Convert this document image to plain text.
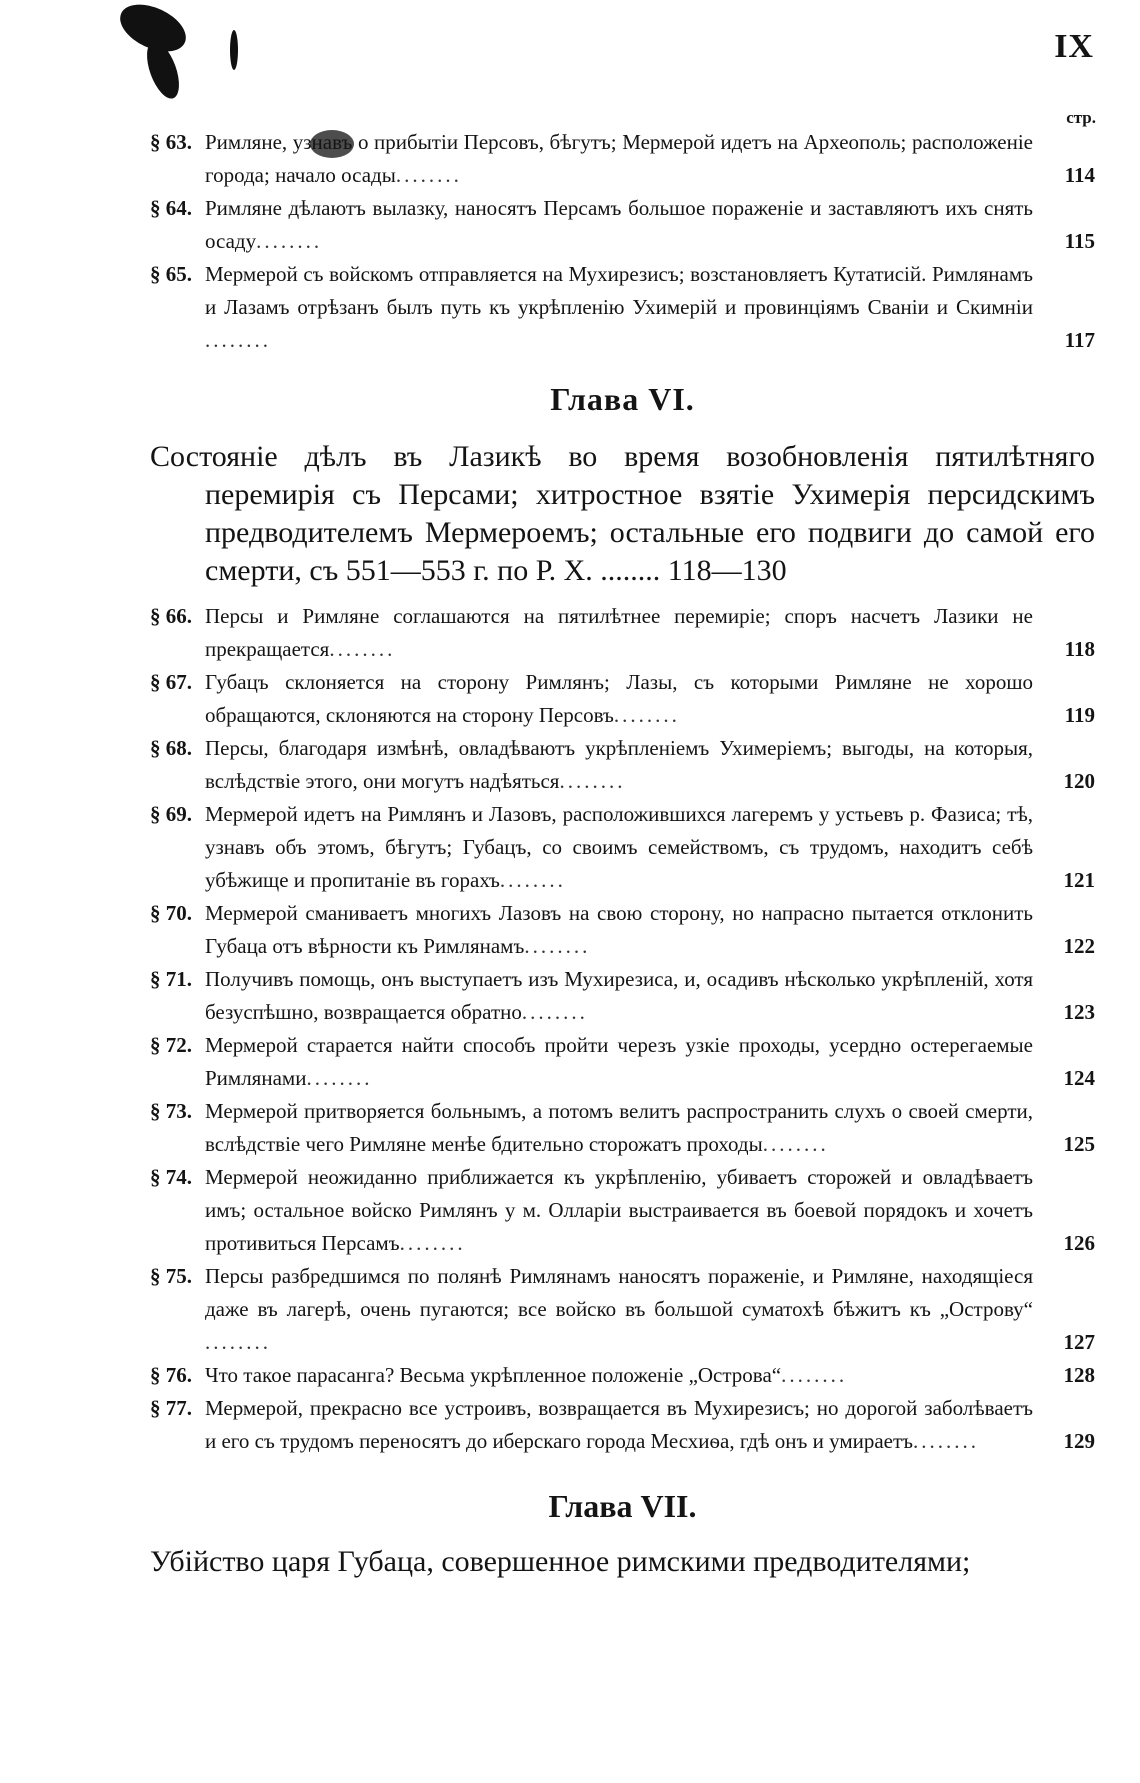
IX
стр.
§ 63. Римляне, узнавъ о прибытіи Персовъ, бѣгутъ; Мермерой идетъ на Археополь; расположеніе города; начало осады........	114
§ 64. Римляне дѣлаютъ вылазку, наносятъ Персамъ большое пораженіе и заставляютъ ихъ снять осаду........	115
§ 65. Мермерой съ войскомъ отправляется на Мухирезисъ; возстановляетъ Кутатисій. Римлянамъ и Лазамъ отрѣзанъ былъ путь къ укрѣпленію Ухимерій и провинціямъ Сваніи и Скимніи........	117
Глава VI.
Состояніе дѣлъ въ Лазикѣ во время возобновленія пятилѣтняго перемирія съ Персами; хитростное взятіе Ухимерія персидскимъ предводителемъ Мермероемъ; остальные его подвиги до самой его смерти, съ 551—553 г. по Р. Х. ........ 118—130
§ 66. Персы и Римляне соглашаются на пятилѣтнее перемиріе; споръ насчетъ Лазики не прекращается........	118
§ 67. Губацъ склоняется на сторону Римлянъ; Лазы, съ которыми Римляне не хорошо обращаются, склоняются на сторону Персовъ........	119
§ 68. Персы, благодаря измѣнѣ, овладѣваютъ укрѣпленіемъ Ухимеріемъ; выгоды, на которыя, вслѣдствіе этого, они могутъ надѣяться........	120
§ 69. Мермерой идетъ на Римлянъ и Лазовъ, расположившихся лагеремъ у устьевъ р. Фазиса; тѣ, узнавъ объ этомъ, бѣгутъ; Губацъ, со своимъ семействомъ, съ трудомъ, находитъ себѣ убѣжище и пропитаніе въ горахъ........	121
§ 70. Мермерой сманиваетъ многихъ Лазовъ на свою сторону, но напрасно пытается отклонить Губаца отъ вѣрности къ Римлянамъ........	122
§ 71. Получивъ помощь, онъ выступаетъ изъ Мухирезиса, и, осадивъ нѣсколько укрѣпленій, хотя безуспѣшно, возвращается обратно........	123
§ 72. Мермерой старается найти способъ пройти черезъ узкіе проходы, усердно остерегаемые Римлянами........	124
§ 73. Мермерой притворяется больнымъ, а потомъ велитъ распространить слухъ о своей смерти, вслѣдствіе чего Римляне менѣе бдительно сторожатъ проходы........	125
§ 74. Мермерой неожиданно приближается къ укрѣпленію, убиваетъ сторожей и овладѣваетъ имъ; остальное войско Римлянъ у м. Олларіи выстраивается въ боевой порядокъ и хочетъ противиться Персамъ........	126
§ 75. Персы разбредшимся по полянѣ Римлянамъ наносятъ пораженіе, и Римляне, находящіеся даже въ лагерѣ, очень пугаются; все войско въ большой суматохѣ бѣжитъ къ „Острову“........	127
§ 76. Что такое парасанга? Весьма укрѣпленное положеніе „Острова“........	128
§ 77. Мермерой, прекрасно все устроивъ, возвращается въ Мухирезисъ; но дорогой заболѣваетъ и его съ трудомъ переносятъ до иберскаго города Месхиѳа, гдѣ онъ и умираетъ........	129
Глава VII.
Убійство царя Губаца, совершенное римскими предводителями;
